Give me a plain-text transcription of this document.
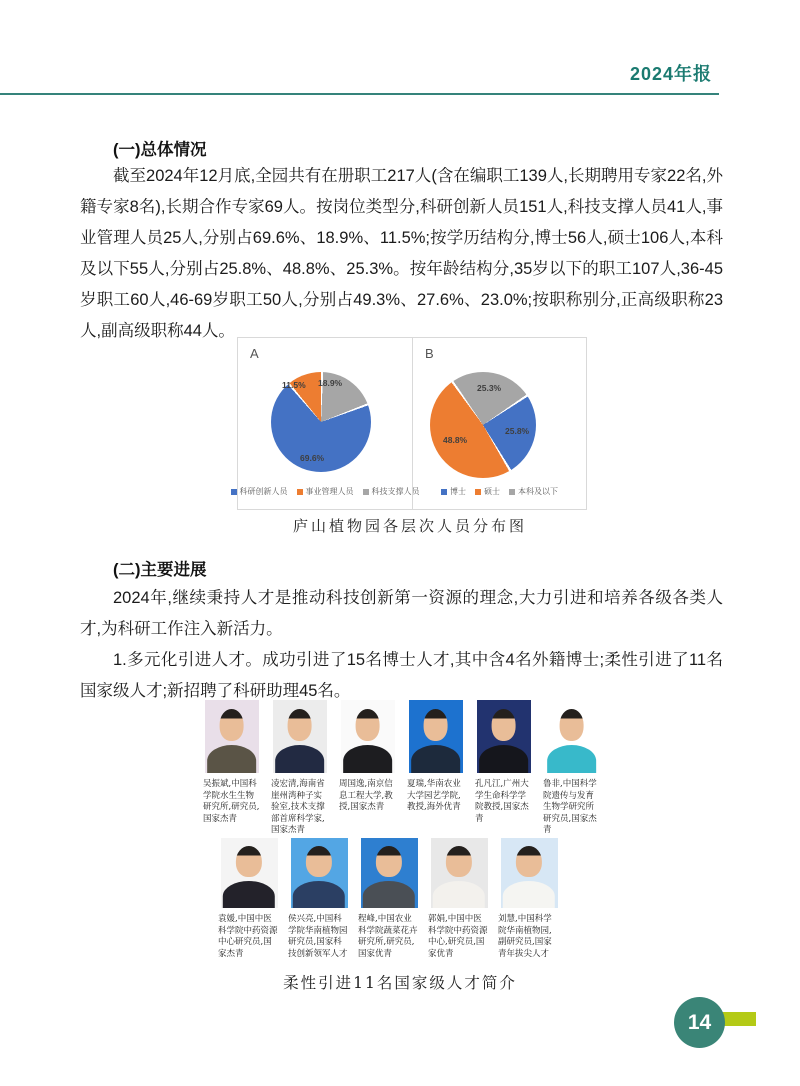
2024年报
(一)总体情况
截至2024年12月底,全园共有在册职工217人(含在编职工139人,长期聘用专家22名,外籍专家8名),长期合作专家69人。按岗位类型分,科研创新人员151人,科技支撑人员41人,事业管理人员25人,分别占69.6%、18.9%、11.5%;按学历结构分,博士56人,硕士106人,本科及以下55人,分别占25.8%、48.8%、25.3%。按年龄结构分,35岁以下的职工107人,36-45岁职工60人,46-69岁职工50人,分别占49.3%、27.6%、23.0%;按职称别分,正高级职称23人,副高级职称44人。
A
69.6%
11.5% 18.9%
科研创新人员 事业管理人员 科技支撑人员
B
25.8%
48.8%
25.3%
博士 硕士 本科及以下
庐山植物园各层次人员分布图
(二)主要进展
2024年,继续秉持人才是推动科技创新第一资源的理念,大力引进和培养各级各类人才,为科研工作注入新活力。
1.多元化引进人才。成功引进了15名博士人才,其中含4名外籍博士;柔性引进了11名国家级人才;新招聘了科研助理45名。
吴振斌,中国科学院水生生物研究所,研究员,国家杰青
凌宏清,海南省崖州湾种子实验室,技术支撑部首席科学家,国家杰青
周国逸,南京信息工程大学,教授,国家杰青
夏瑞,华南农业大学园艺学院,教授,海外优青
孔凡江,广州大学生命科学学院教授,国家杰青
鲁非,中国科学院遗传与发育生物学研究所研究员,国家杰青
袁媛,中国中医科学院中药资源中心研究员,国家杰青
侯兴亮,中国科学院华南植物园研究员,国家科技创新领军人才
程峰,中国农业科学院蔬菜花卉研究所,研究员,国家优青
郭娟,中国中医科学院中药资源中心,研究员,国家优青
刘慧,中国科学院华南植物园,副研究员,国家青年拔尖人才
柔性引进11名国家级人才简介
14
